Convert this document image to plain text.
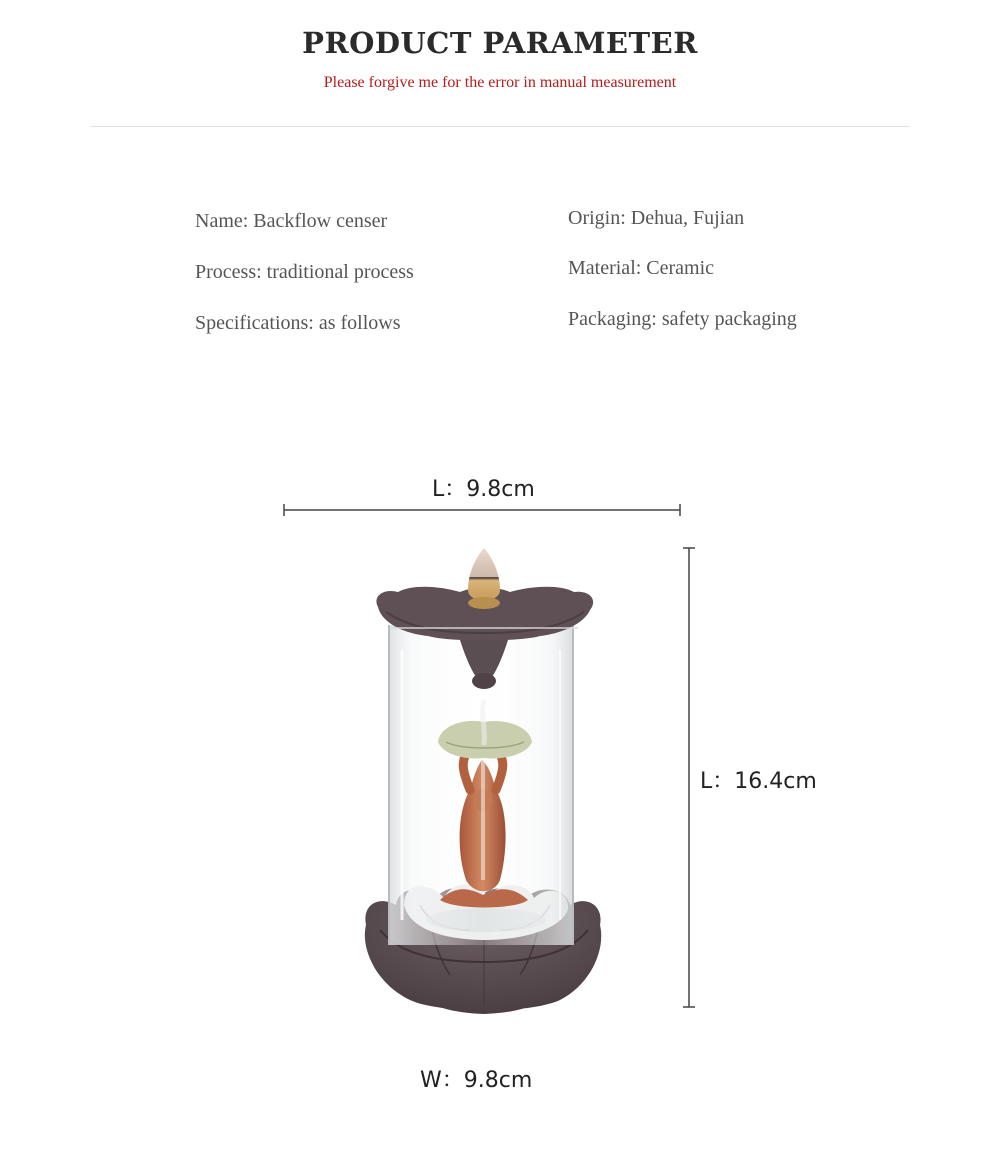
PRODUCT PARAMETER
Please forgive me for the error in manual measurement
Name: Backflow censer
Process: traditional process
Specifications: as follows
Origin: Dehua, Fujian
Material: Ceramic
Packaging: safety packaging
L：9.8cm
L：16.4cm
W：9.8cm
